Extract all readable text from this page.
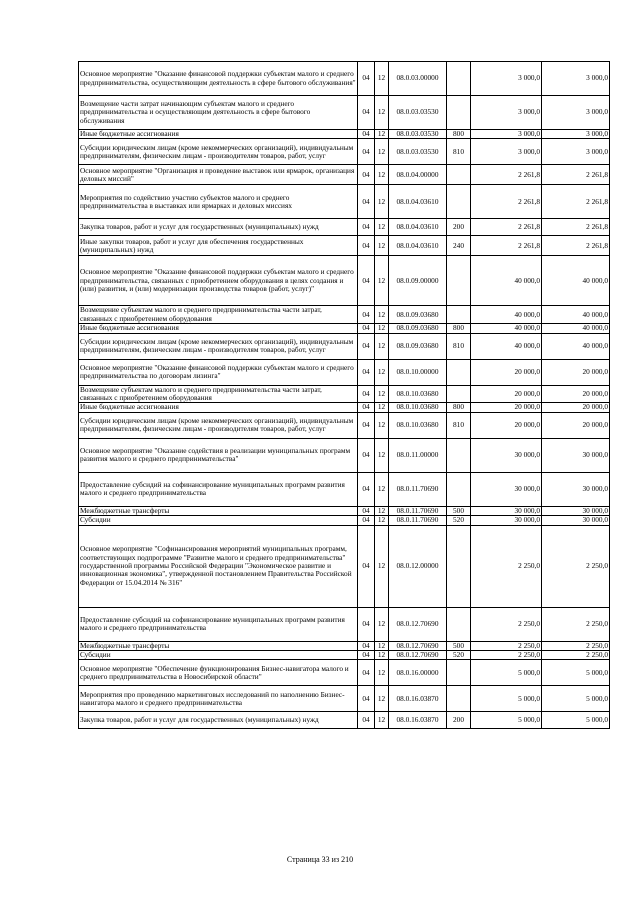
Основное мероприятие "Оказание финансовой поддержки субъектам малого и среднего предпринимательства, осуществляющим деятельность в сфере бытового обслуживания"	04	12	08.0.03.00000		3 000,0	3 000,0
Возмещение части затрат начинающим субъектам малого и среднего предпринимательства и осуществляющим деятельность в сфере бытового обслуживания	04	12	08.0.03.03530		3 000,0	3 000,0
Иные бюджетные ассигнования	04	12	08.0.03.03530	800	3 000,0	3 000,0
Субсидии юридическим лицам (кроме некоммерческих организаций), индивидуальным предпринимателям, физическим лицам - производителям товаров, работ, услуг	04	12	08.0.03.03530	810	3 000,0	3 000,0
Основное мероприятие "Организация и проведение выставок или ярмарок, организация деловых миссий"	04	12	08.0.04.00000		2 261,8	2 261,8
Мероприятия по содействию участию субъектов малого и среднего предпринимательства в выставках или ярмарках и деловых миссиях	04	12	08.0.04.03610		2 261,8	2 261,8
Закупка товаров, работ и услуг для государственных (муниципальных) нужд	04	12	08.0.04.03610	200	2 261,8	2 261,8
Иные закупки товаров, работ и услуг для обеспечения государственных (муниципальных) нужд	04	12	08.0.04.03610	240	2 261,8	2 261,8
Основное мероприятие "Оказание финансовой поддержки субъектам малого и среднего предпринимательства, связанных с приобретением оборудования в целях создания и (или) развития, и (или) модернизации производства товаров (работ, услуг)"	04	12	08.0.09.00000		40 000,0	40 000,0
Возмещение субъектам малого и среднего предпринимательства части затрат, связанных с приобретением оборудования	04	12	08.0.09.03680		40 000,0	40 000,0
Иные бюджетные ассигнования	04	12	08.0.09.03680	800	40 000,0	40 000,0
Субсидии юридическим лицам (кроме некоммерческих организаций), индивидуальным предпринимателям, физическим лицам - производителям товаров, работ, услуг	04	12	08.0.09.03680	810	40 000,0	40 000,0
Основное мероприятие "Оказание финансовой поддержки субъектам малого и среднего предпринимательства по договорам лизинга"	04	12	08.0.10.00000		20 000,0	20 000,0
Возмещение субъектам малого и среднего предпринимательства части затрат, связанных с приобретением оборудования	04	12	08.0.10.03680		20 000,0	20 000,0
Иные бюджетные ассигнования	04	12	08.0.10.03680	800	20 000,0	20 000,0
Субсидии юридическим лицам (кроме некоммерческих организаций), индивидуальным предпринимателям, физическим лицам - производителям товаров, работ, услуг	04	12	08.0.10.03680	810	20 000,0	20 000,0
Основное мероприятие "Оказание содействия в реализации муниципальных программ развития малого и среднего предпринимательства"	04	12	08.0.11.00000		30 000,0	30 000,0
Предоставление субсидий на софинансирование муниципальных программ развития малого и среднего предпринимательства	04	12	08.0.11.70690		30 000,0	30 000,0
Межбюджетные трансферты	04	12	08.0.11.70690	500	30 000,0	30 000,0
Субсидии	04	12	08.0.11.70690	520	30 000,0	30 000,0
Основное мероприятие "Софинансирования мероприятий муниципальных программ, соответствующих подпрограмме "Развитие малого и среднего предпринимательства" государственной программы Российской Федерации "Экономическое развитие и инновационная экономика", утвержденной постановлением Правительства Российской Федерации от 15.04.2014 № 316"	04	12	08.0.12.00000		2 250,0	2 250,0
Предоставление субсидий на софинансирование муниципальных программ развития малого и среднего предпринимательства	04	12	08.0.12.70690		2 250,0	2 250,0
Межбюджетные трансферты	04	12	08.0.12.70690	500	2 250,0	2 250,0
Субсидии	04	12	08.0.12.70690	520	2 250,0	2 250,0
Основное мероприятие "Обеспечение функционирования Бизнес-навигатора малого и среднего предпринимательства в Новосибирской области"	04	12	08.0.16.00000		5 000,0	5 000,0
Мероприятия про проведению маркетинговых исследований по наполнению Бизнес-навигатора малого и среднего предпринимательства	04	12	08.0.16.03870		5 000,0	5 000,0
Закупка товаров, работ и услуг для государственных (муниципальных) нужд	04	12	08.0.16.03870	200	5 000,0	5 000,0
Страница 33 из 210
